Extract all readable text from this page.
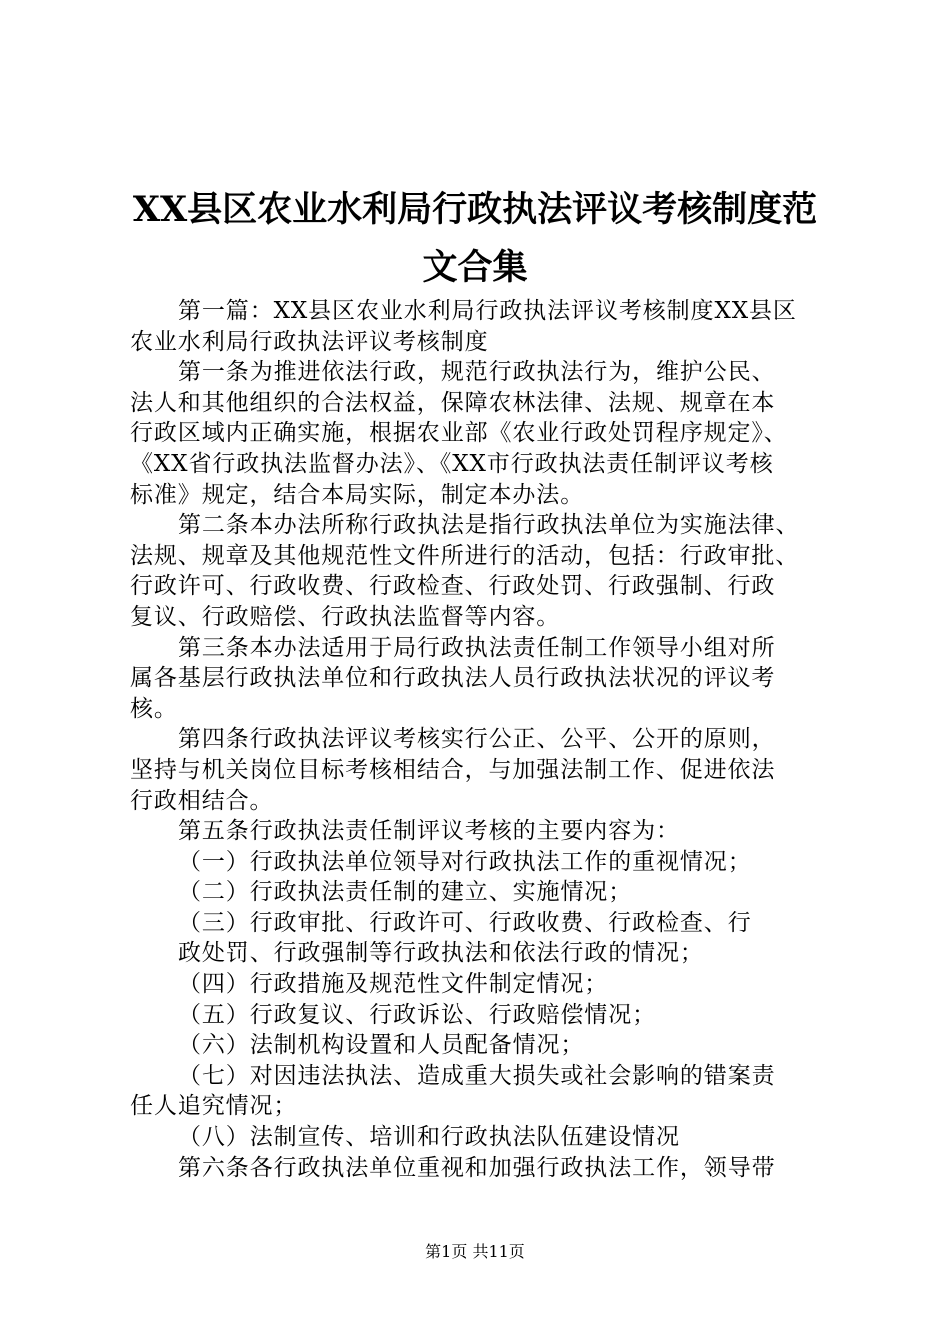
XX县区农业水利局行政执法评议考核制度范
文合集
第一篇：XX县区农业水利局行政执法评议考核制度XX县区
农业水利局行政执法评议考核制度
第一条为推进依法行政，规范行政执法行为，维护公民、
法人和其他组织的合法权益，保障农林法律、法规、规章在本
行政区域内正确实施，根据农业部《农业行政处罚程序规定》、
《XX省行政执法监督办法》、《XX市行政执法责任制评议考核
标准》规定，结合本局实际，制定本办法。
第二条本办法所称行政执法是指行政执法单位为实施法律、
法规、规章及其他规范性文件所进行的活动，包括：行政审批、
行政许可、行政收费、行政检查、行政处罚、行政强制、行政
复议、行政赔偿、行政执法监督等内容。
第三条本办法适用于局行政执法责任制工作领导小组对所
属各基层行政执法单位和行政执法人员行政执法状况的评议考
核。
第四条行政执法评议考核实行公正、公平、公开的原则，
坚持与机关岗位目标考核相结合，与加强法制工作、促进依法
行政相结合。
第五条行政执法责任制评议考核的主要内容为：
（一）行政执法单位领导对行政执法工作的重视情况；
（二）行政执法责任制的建立、实施情况；
（三）行政审批、行政许可、行政收费、行政检查、行
政处罚、行政强制等行政执法和依法行政的情况；
（四）行政措施及规范性文件制定情况；
（五）行政复议、行政诉讼、行政赔偿情况；
（六）法制机构设置和人员配备情况；
（七）对因违法执法、造成重大损失或社会影响的错案责
任人追究情况；
（八）法制宣传、培训和行政执法队伍建设情况
第六条各行政执法单位重视和加强行政执法工作，领导带
第1页 共11页
